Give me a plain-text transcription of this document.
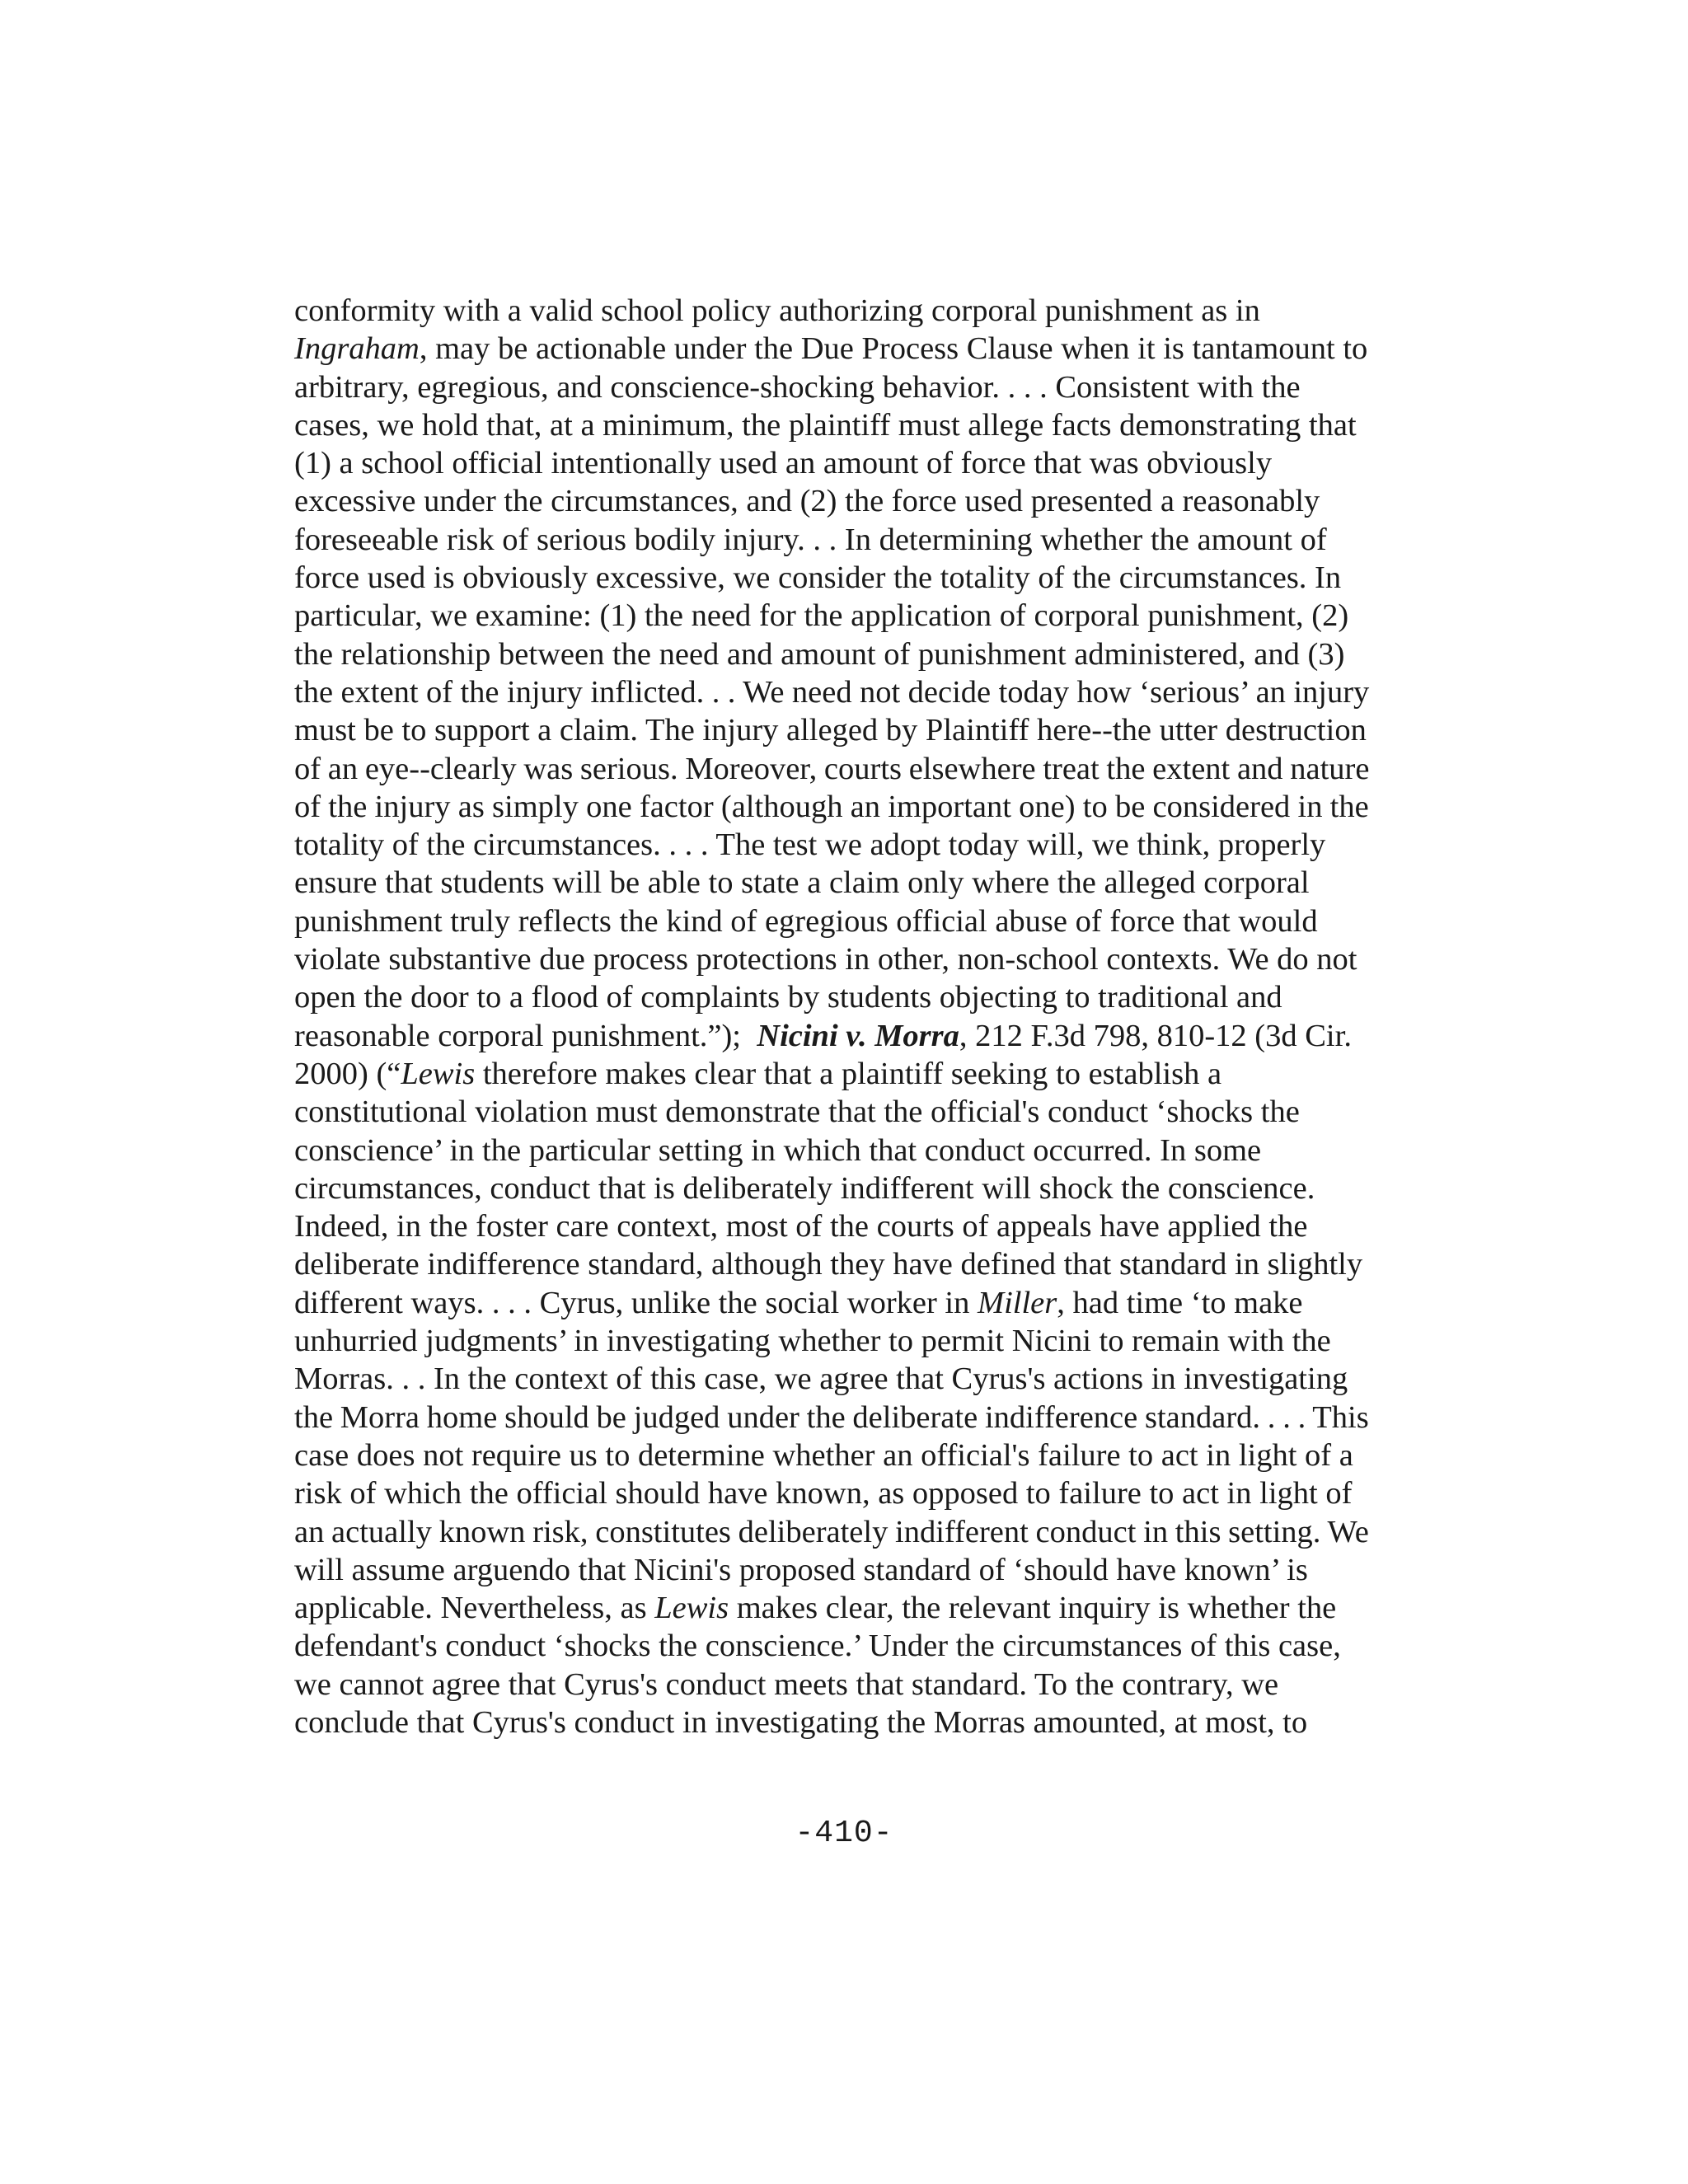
conformity with a valid school policy authorizing corporal punishment as in
Ingraham, may be actionable under the Due Process Clause when it is tantamount to
arbitrary, egregious, and conscience-shocking behavior. . . . Consistent with the
cases, we hold that, at a minimum, the plaintiff must allege facts demonstrating that
(1) a school official intentionally used an amount of force that was obviously
excessive under the circumstances, and (2) the force used presented a reasonably
foreseeable risk of serious bodily injury. . . In determining whether the amount of
force used is obviously excessive, we consider the totality of the circumstances. In
particular, we examine: (1) the need for the application of corporal punishment, (2)
the relationship between the need and amount of punishment administered, and (3)
the extent of the injury inflicted. . . We need not decide today how ‘serious’ an injury
must be to support a claim. The injury alleged by Plaintiff here--the utter destruction
of an eye--clearly was serious. Moreover, courts elsewhere treat the extent and nature
of the injury as simply one factor (although an important one) to be considered in the
totality of the circumstances. . . . The test we adopt today will, we think, properly
ensure that students will be able to state a claim only where the alleged corporal
punishment truly reflects the kind of egregious official abuse of force that would
violate substantive due process protections in other, non-school contexts. We do not
open the door to a flood of complaints by students objecting to traditional and
reasonable corporal punishment.”);  Nicini v. Morra, 212 F.3d 798, 810-12 (3d Cir.
2000) (“Lewis therefore makes clear that a plaintiff seeking to establish a
constitutional violation must demonstrate that the official's conduct ‘shocks the
conscience’ in the particular setting in which that conduct occurred. In some
circumstances, conduct that is deliberately indifferent will shock the conscience.
Indeed, in the foster care context, most of the courts of appeals have applied the
deliberate indifference standard, although they have defined that standard in slightly
different ways. . . . Cyrus, unlike the social worker in Miller, had time ‘to make
unhurried judgments’ in investigating whether to permit Nicini to remain with the
Morras. . . In the context of this case, we agree that Cyrus's actions in investigating
the Morra home should be judged under the deliberate indifference standard. . . . This
case does not require us to determine whether an official's failure to act in light of a
risk of which the official should have known, as opposed to failure to act in light of
an actually known risk, constitutes deliberately indifferent conduct in this setting. We
will assume arguendo that Nicini's proposed standard of ‘should have known’ is
applicable. Nevertheless, as Lewis makes clear, the relevant inquiry is whether the
defendant's conduct ‘shocks the conscience.’ Under the circumstances of this case,
we cannot agree that Cyrus's conduct meets that standard. To the contrary, we
conclude that Cyrus's conduct in investigating the Morras amounted, at most, to
-410-
